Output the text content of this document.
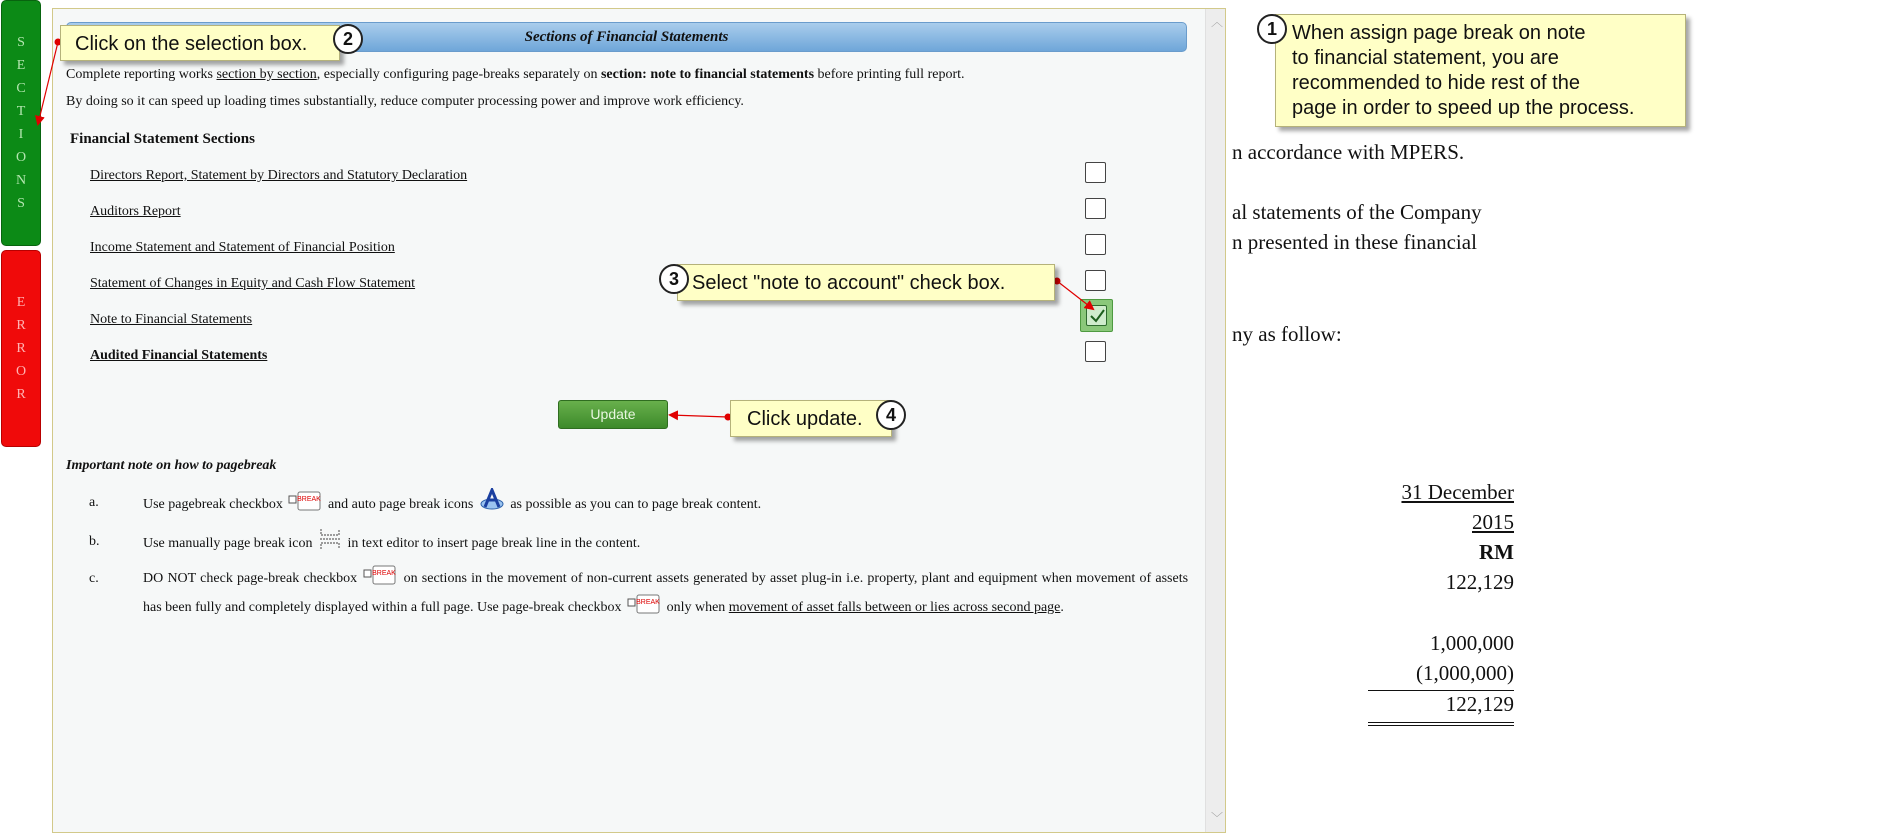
S
E
C
T
I
O
N
S
E
R
R
O
R
n accordance with MPERS.
al statements of the Company
n presented in these financial
ny as follow:
31 December
2015
RM
122,129
1,000,000
(1,000,000)
122,129
Sections of Financial Statements
Complete reporting works section by section, especially configuring page-breaks separately on section: note to financial statements before printing full report.
By doing so it can speed up loading times substantially, reduce computer processing power and improve work efficiency.
Financial Statement Sections
Directors Report, Statement by Directors and Statutory Declaration
Auditors Report
Income Statement and Statement of Financial Position
Statement of Changes in Equity and Cash Flow Statement
Note to Financial Statements
Audited Financial Statements
Update
Important note on how to pagebreak
a.	Use pagebreak checkbox BREAK and auto page break icons	as possible as you can to page break content.
b.	Use manually page break icon	in text editor to insert page break line in the content.
c.	DO NOT check page-break checkbox BREAK on sections in the movement of non-current assets generated by asset plug-in i.e. property, plant and equipment when movement of assets has been fully and completely displayed within a full page. Use page-break checkbox BREAK only when movement of asset falls between or lies across second page.
︿
﹀
When assign page break on note
to financial statement, you are
recommended to hide rest of the
page in order to speed up the process.
1
Click on the selection box.	2
Select "note to account" check box.
3
Click update.	4
